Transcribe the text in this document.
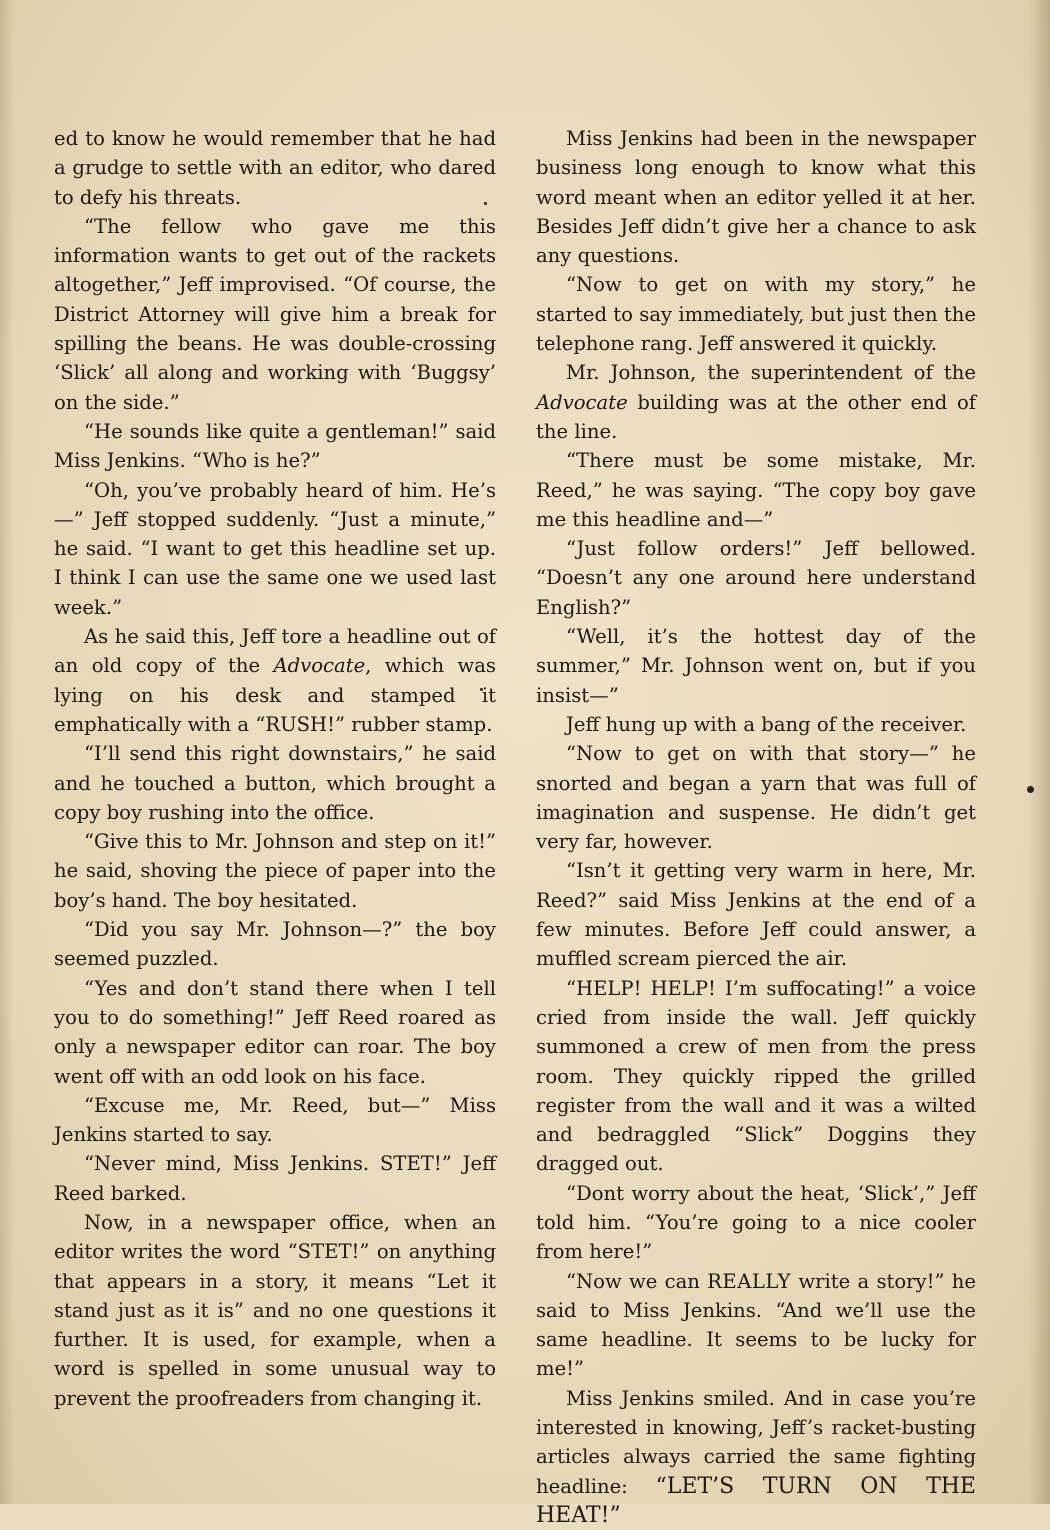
ed to know he would remember that he had a grudge to settle with an editor, who dared to defy his threats.

“The fellow who gave me this information wants to get out of the rackets altogether,” Jeff improvised. “Of course, the District Attorney will give him a break for spilling the beans. He was double-crossing ‘Slick’ all along and working with ‘Buggsy’ on the side.”

“He sounds like quite a gentleman!” said Miss Jenkins. “Who is he?”

“Oh, you’ve probably heard of him. He’s—” Jeff stopped suddenly. “Just a minute,” he said. “I want to get this headline set up. I think I can use the same one we used last week.”

As he said this, Jeff tore a headline out of an old copy of the Advocate, which was lying on his desk and stamped it emphatically with a “RUSH!” rubber stamp.

“I’ll send this right downstairs,” he said and he touched a button, which brought a copy boy rushing into the office.

“Give this to Mr. Johnson and step on it!” he said, shoving the piece of paper into the boy’s hand. The boy hesitated.

“Did you say Mr. Johnson—?” the boy seemed puzzled.

“Yes and don’t stand there when I tell you to do something!” Jeff Reed roared as only a newspaper editor can roar. The boy went off with an odd look on his face.

“Excuse me, Mr. Reed, but—” Miss Jenkins started to say.

“Never mind, Miss Jenkins. STET!” Jeff Reed barked.

Now, in a newspaper office, when an editor writes the word “STET!” on anything that appears in a story, it means “Let it stand just as it is” and no one questions it further. It is used, for example, when a word is spelled in some unusual way to prevent the proofreaders from changing it.

Miss Jenkins had been in the newspaper business long enough to know what this word meant when an editor yelled it at her. Besides Jeff didn’t give her a chance to ask any questions.

“Now to get on with my story,” he started to say immediately, but just then the telephone rang. Jeff answered it quickly.

Mr. Johnson, the superintendent of the Advocate building was at the other end of the line.

“There must be some mistake, Mr. Reed,” he was saying. “The copy boy gave me this headline and—”

“Just follow orders!” Jeff bellowed. “Doesn’t any one around here understand English?”

“Well, it’s the hottest day of the summer,” Mr. Johnson went on, but if you insist—”

Jeff hung up with a bang of the receiver.

“Now to get on with that story—” he snorted and began a yarn that was full of imagination and suspense. He didn’t get very far, however.

“Isn’t it getting very warm in here, Mr. Reed?” said Miss Jenkins at the end of a few minutes. Before Jeff could answer, a muffled scream pierced the air.

“HELP! HELP! I’m suffocating!” a voice cried from inside the wall. Jeff quickly summoned a crew of men from the press room. They quickly ripped the grilled register from the wall and it was a wilted and bedraggled “Slick” Doggins they dragged out.

“Dont worry about the heat, ‘Slick’,” Jeff told him. “You’re going to a nice cooler from here!”

“Now we can REALLY write a story!” he said to Miss Jenkins. “And we’ll use the same headline. It seems to be lucky for me!”

Miss Jenkins smiled. And in case you’re interested in knowing, Jeff’s racket-busting articles always carried the same fighting headline: “LET’S TURN ON THE HEAT!”
